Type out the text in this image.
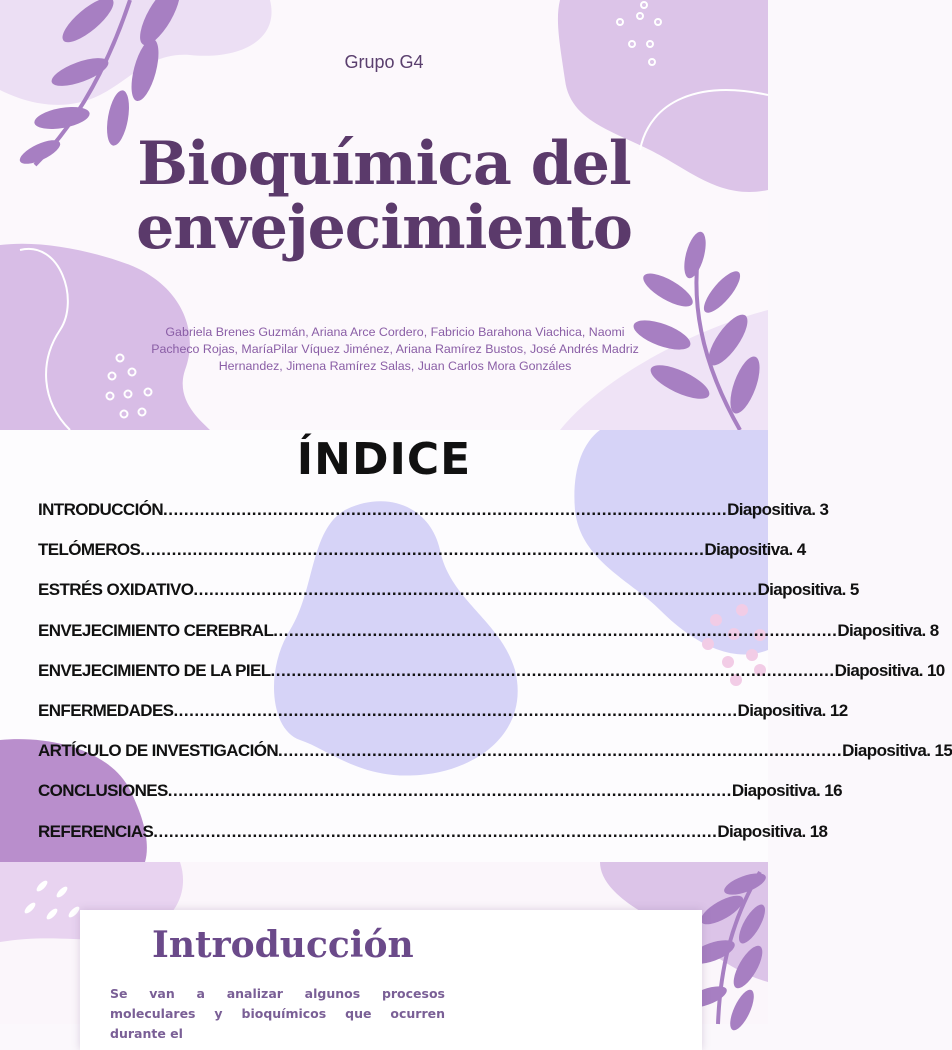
Grupo G4
Bioquímica del
envejecimiento

Gabriela Brenes Guzmán, Ariana Arce Cordero, Fabricio Barahona Viachica, Naomi Pacheco Rojas, MaríaPilar Víquez Jiménez, Ariana Ramírez Bustos, José Andrés Madriz Hernandez, Jimena Ramírez Salas, Juan Carlos Mora Gonzáles

ÍNDICE
INTRODUCCIÓN ............................................................................................................ Diapositiva. 3
TELÓMEROS ............................................................................................................ Diapositiva. 4
ESTRÉS OXIDATIVO ............................................................................................................ Diapositiva. 5
ENVEJECIMIENTO CEREBRAL ............................................................................................................ Diapositiva. 8
ENVEJECIMIENTO DE LA PIEL ............................................................................................................ Diapositiva. 10
ENFERMEDADES ............................................................................................................ Diapositiva. 12
ARTÍCULO DE INVESTIGACIÓN ............................................................................................................ Diapositiva. 15
CONCLUSIONES ............................................................................................................ Diapositiva. 16
REFERENCIAS ............................................................................................................ Diapositiva. 18
Introducción

Se van a analizar algunos procesos moleculares y bioquímicos que ocurren durante el
